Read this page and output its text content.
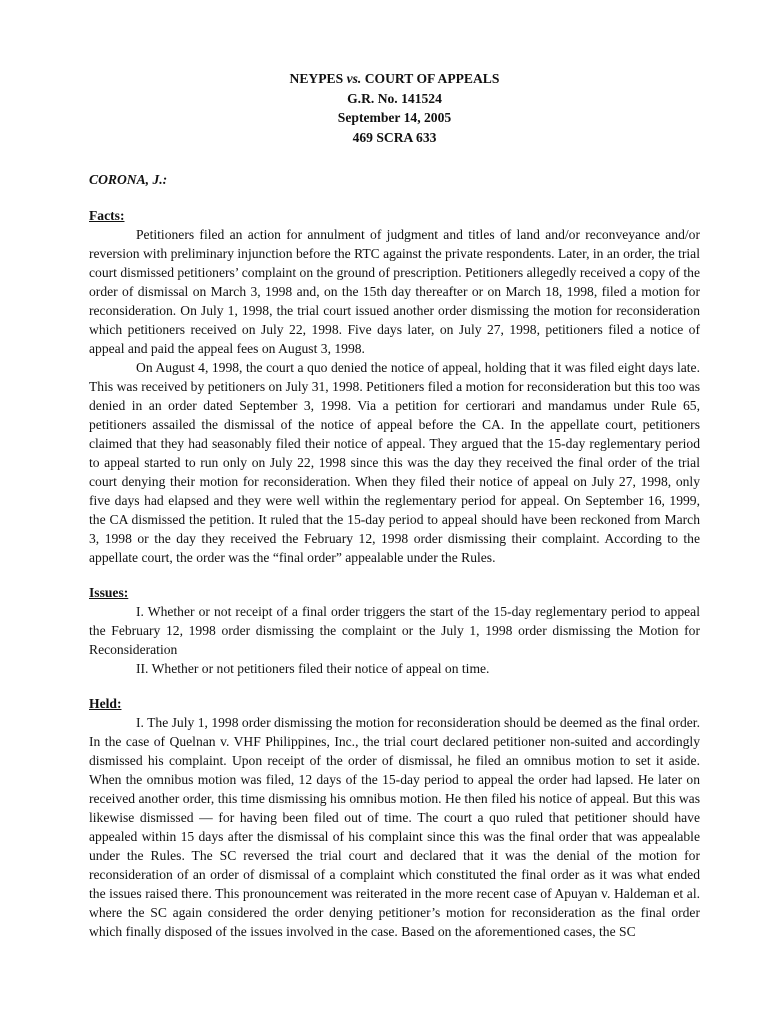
NEYPES vs. COURT OF APPEALS
G.R. No. 141524
September 14, 2005
469 SCRA 633
CORONA, J.:
Facts:

Petitioners filed an action for annulment of judgment and titles of land and/or reconveyance and/or reversion with preliminary injunction before the RTC against the private respondents. Later, in an order, the trial court dismissed petitioners’ complaint on the ground of prescription. Petitioners allegedly received a copy of the order of dismissal on March 3, 1998 and, on the 15th day thereafter or on March 18, 1998, filed a motion for reconsideration. On July 1, 1998, the trial court issued another order dismissing the motion for reconsideration which petitioners received on July 22, 1998. Five days later, on July 27, 1998, petitioners filed a notice of appeal and paid the appeal fees on August 3, 1998.

On August 4, 1998, the court a quo denied the notice of appeal, holding that it was filed eight days late. This was received by petitioners on July 31, 1998. Petitioners filed a motion for reconsideration but this too was denied in an order dated September 3, 1998. Via a petition for certiorari and mandamus under Rule 65, petitioners assailed the dismissal of the notice of appeal before the CA. In the appellate court, petitioners claimed that they had seasonably filed their notice of appeal. They argued that the 15-day reglementary period to appeal started to run only on July 22, 1998 since this was the day they received the final order of the trial court denying their motion for reconsideration. When they filed their notice of appeal on July 27, 1998, only five days had elapsed and they were well within the reglementary period for appeal. On September 16, 1999, the CA dismissed the petition. It ruled that the 15-day period to appeal should have been reckoned from March 3, 1998 or the day they received the February 12, 1998 order dismissing their complaint. According to the appellate court, the order was the “final order” appealable under the Rules.

Issues:

I. Whether or not receipt of a final order triggers the start of the 15-day reglementary period to appeal the February 12, 1998 order dismissing the complaint or the July 1, 1998 order dismissing the Motion for Reconsideration

II. Whether or not petitioners filed their notice of appeal on time.

Held:

I. The July 1, 1998 order dismissing the motion for reconsideration should be deemed as the final order. In the case of Quelnan v. VHF Philippines, Inc., the trial court declared petitioner non-suited and accordingly dismissed his complaint. Upon receipt of the order of dismissal, he filed an omnibus motion to set it aside. When the omnibus motion was filed, 12 days of the 15-day period to appeal the order had lapsed. He later on received another order, this time dismissing his omnibus motion. He then filed his notice of appeal. But this was likewise dismissed — for having been filed out of time. The court a quo ruled that petitioner should have appealed within 15 days after the dismissal of his complaint since this was the final order that was appealable under the Rules. The SC reversed the trial court and declared that it was the denial of the motion for reconsideration of an order of dismissal of a complaint which constituted the final order as it was what ended the issues raised there. This pronouncement was reiterated in the more recent case of Apuyan v. Haldeman et al. where the SC again considered the order denying petitioner’s motion for reconsideration as the final order which finally disposed of the issues involved in the case. Based on the aforementioned cases, the SC
